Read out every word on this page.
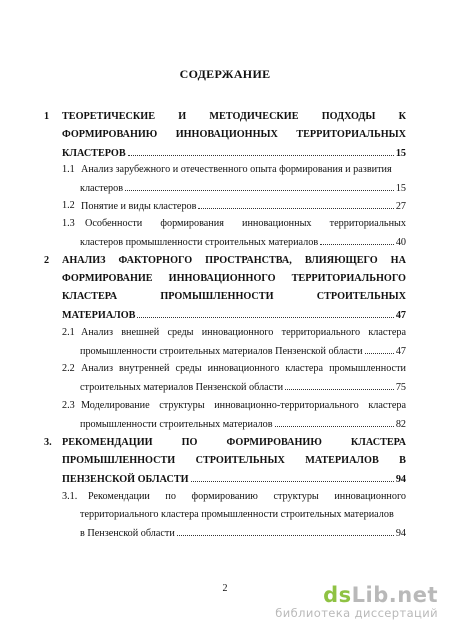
СОДЕРЖАНИЕ
1 ТЕОРЕТИЧЕСКИЕ И МЕТОДИЧЕСКИЕ ПОДХОДЫ К
ФОРМИРОВАНИЮ ИННОВАЦИОННЫХ ТЕРРИТОРИАЛЬНЫХ
КЛАСТЕРОВ	15
1.1 Анализ зарубежного и отечественного опыта формирования и развития
кластеров	15
1.2 Понятие и виды кластеров	27
1.3 Особенности формирования инновационных территориальных
кластеров промышленности строительных материалов	40
2 АНАЛИЗ ФАКТОРНОГО ПРОСТРАНСТВА, ВЛИЯЮЩЕГО НА
ФОРМИРОВАНИЕ ИННОВАЦИОННОГО ТЕРРИТОРИАЛЬНОГО
КЛАСТЕРА	ПРОМЫШЛЕННОСТИ	СТРОИТЕЛЬНЫХ
МАТЕРИАЛОВ	47
2.1 Анализ внешней среды инновационного территориального кластера
промышленности строительных материалов Пензенской области	47
2.2 Анализ внутренней среды инновационного кластера промышленности
строительных материалов Пензенской области	75
2.3 Моделирование структуры инновационно-территориального кластера
промышленности строительных материалов	82
3. РЕКОМЕНДАЦИИ	ПО	ФОРМИРОВАНИЮ	КЛАСТЕРА
ПРОМЫШЛЕННОСТИ СТРОИТЕЛЬНЫХ МАТЕРИАЛОВ В
ПЕНЗЕНСКОЙ ОБЛАСТИ	94
3.1. Рекомендации по формированию структуры инновационного
территориального кластера промышленности строительных материалов
в Пензенской области	94
2	dsLib.net
библиотека диссертаций
